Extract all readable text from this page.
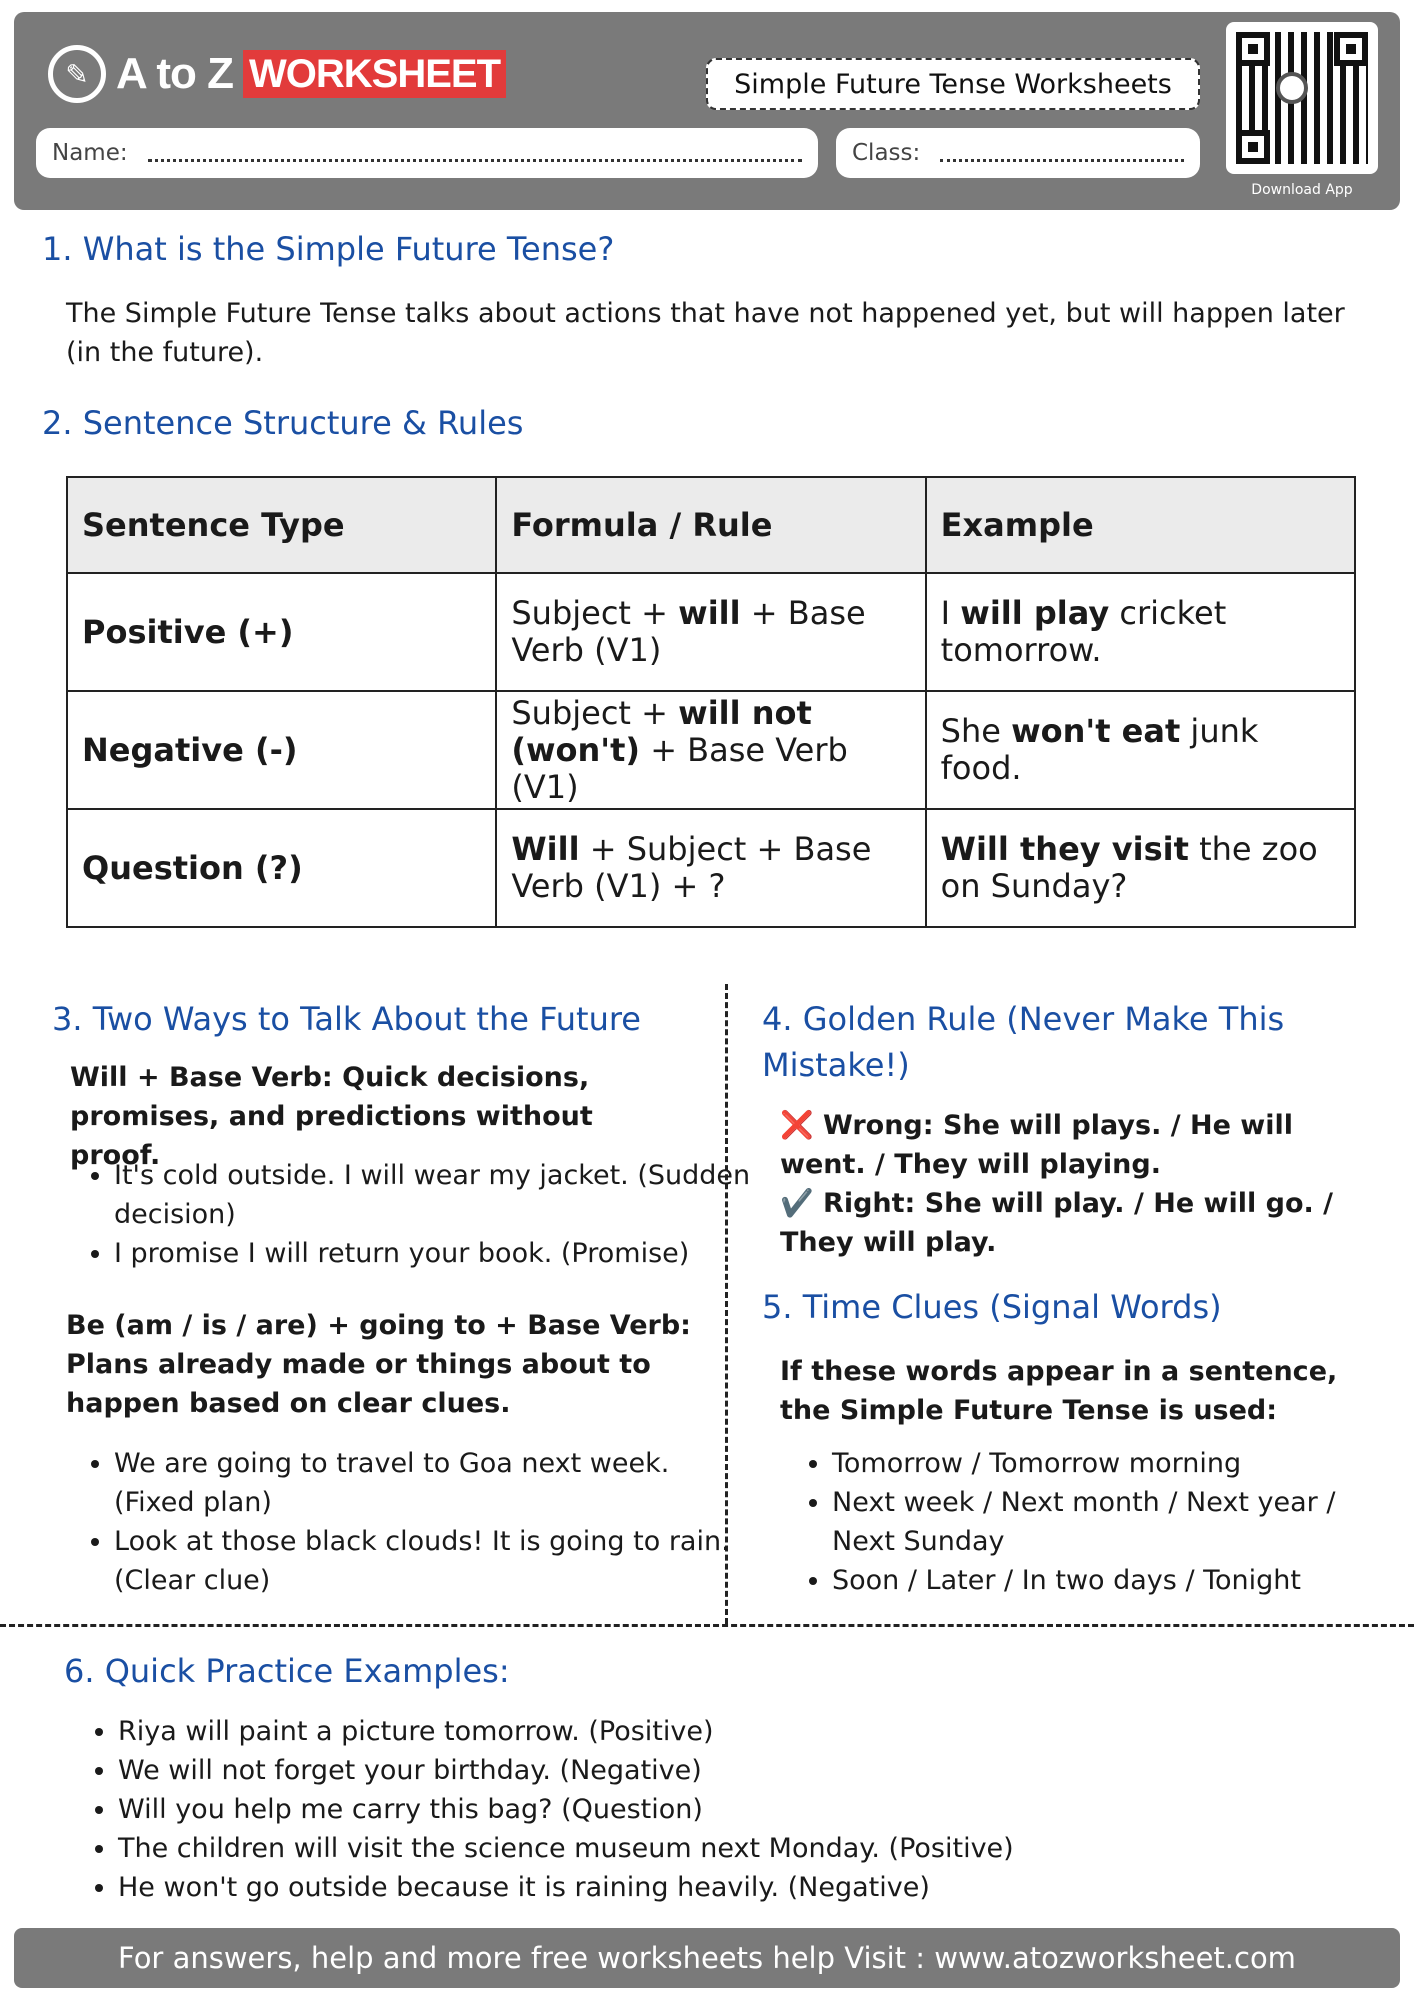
✎ A to Z WORKSHEET	Simple Future Tense Worksheets
Name:	Class:
Download App
1. What is the Simple Future Tense?
The Simple Future Tense talks about actions that have not happened yet, but will happen later (in the future).
2. Sentence Structure & Rules
Sentence Type	Formula / Rule	Example
Positive (+)	Subject + will + Base Verb (V1)	I will play cricket tomorrow.
Negative (-)	Subject + will not (won't) + Base Verb (V1)	She won't eat junk food.
Question (?)	Will + Subject + Base Verb (V1) + ?	Will they visit the zoo on Sunday?
3. Two Ways to Talk About the Future
Will + Base Verb: Quick decisions, promises, and predictions without proof.
• It's cold outside. I will wear my jacket. (Sudden decision)
• I promise I will return your book. (Promise)
Be (am / is / are) + going to + Base Verb: Plans already made or things about to happen based on clear clues.
• We are going to travel to Goa next week. (Fixed plan)
• Look at those black clouds! It is going to rain. (Clear clue)
4. Golden Rule (Never Make This Mistake!)
❌ Wrong: She will plays. / He will went. / They will playing.
✔️ Right: She will play. / He will go. / They will play.
5. Time Clues (Signal Words)
If these words appear in a sentence, the Simple Future Tense is used:
• Tomorrow / Tomorrow morning
• Next week / Next month / Next year / Next Sunday
• Soon / Later / In two days / Tonight
6. Quick Practice Examples:
• Riya will paint a picture tomorrow. (Positive)
• We will not forget your birthday. (Negative)
• Will you help me carry this bag? (Question)
• The children will visit the science museum next Monday. (Positive)
• He won't go outside because it is raining heavily. (Negative)
For answers, help and more free worksheets help Visit : www.atozworksheet.com
